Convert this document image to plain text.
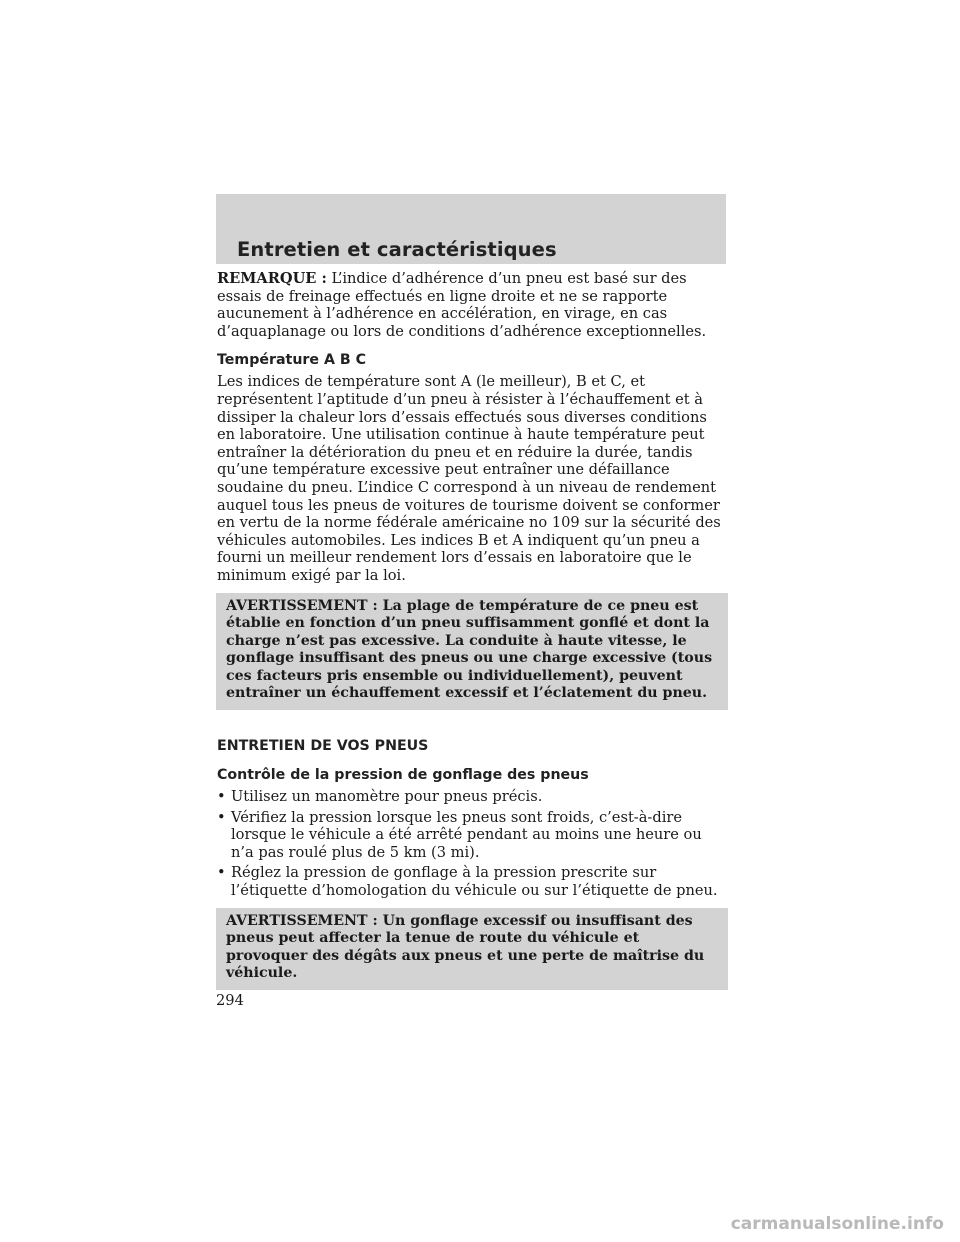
Entretien et caractéristiques

REMARQUE : L’indice d’adhérence d’un pneu est basé sur des essais de freinage effectués en ligne droite et ne se rapporte aucunement à l’adhérence en accélération, en virage, en cas d’aquaplanage ou lors de conditions d’adhérence exceptionnelles.

Température A B C

Les indices de température sont A (le meilleur), B et C, et représentent l’aptitude d’un pneu à résister à l’échauffement et à dissiper la chaleur lors d’essais effectués sous diverses conditions en laboratoire. Une utilisation continue à haute température peut entraîner la détérioration du pneu et en réduire la durée, tandis qu’une température excessive peut entraîner une défaillance soudaine du pneu. L’indice C correspond à un niveau de rendement auquel tous les pneus de voitures de tourisme doivent se conformer en vertu de la norme fédérale américaine no 109 sur la sécurité des véhicules automobiles. Les indices B et A indiquent qu’un pneu a fourni un meilleur rendement lors d’essais en laboratoire que le minimum exigé par la loi.

AVERTISSEMENT : La plage de température de ce pneu est établie en fonction d’un pneu suffisamment gonflé et dont la charge n’est pas excessive. La conduite à haute vitesse, le gonflage insuffisant des pneus ou une charge excessive (tous ces facteurs pris ensemble ou individuellement), peuvent entraîner un échauffement excessif et l’éclatement du pneu.

ENTRETIEN DE VOS PNEUS
Contrôle de la pression de gonflage des pneus
• Utilisez un manomètre pour pneus précis.
• Vérifiez la pression lorsque les pneus sont froids, c’est-à-dire lorsque le véhicule a été arrêté pendant au moins une heure ou n’a pas roulé plus de 5 km (3 mi).
• Réglez la pression de gonflage à la pression prescrite sur l’étiquette d’homologation du véhicule ou sur l’étiquette de pneu.

AVERTISSEMENT : Un gonflage excessif ou insuffisant des pneus peut affecter la tenue de route du véhicule et provoquer des dégâts aux pneus et une perte de maîtrise du véhicule.

294
carmanualsonline.info
